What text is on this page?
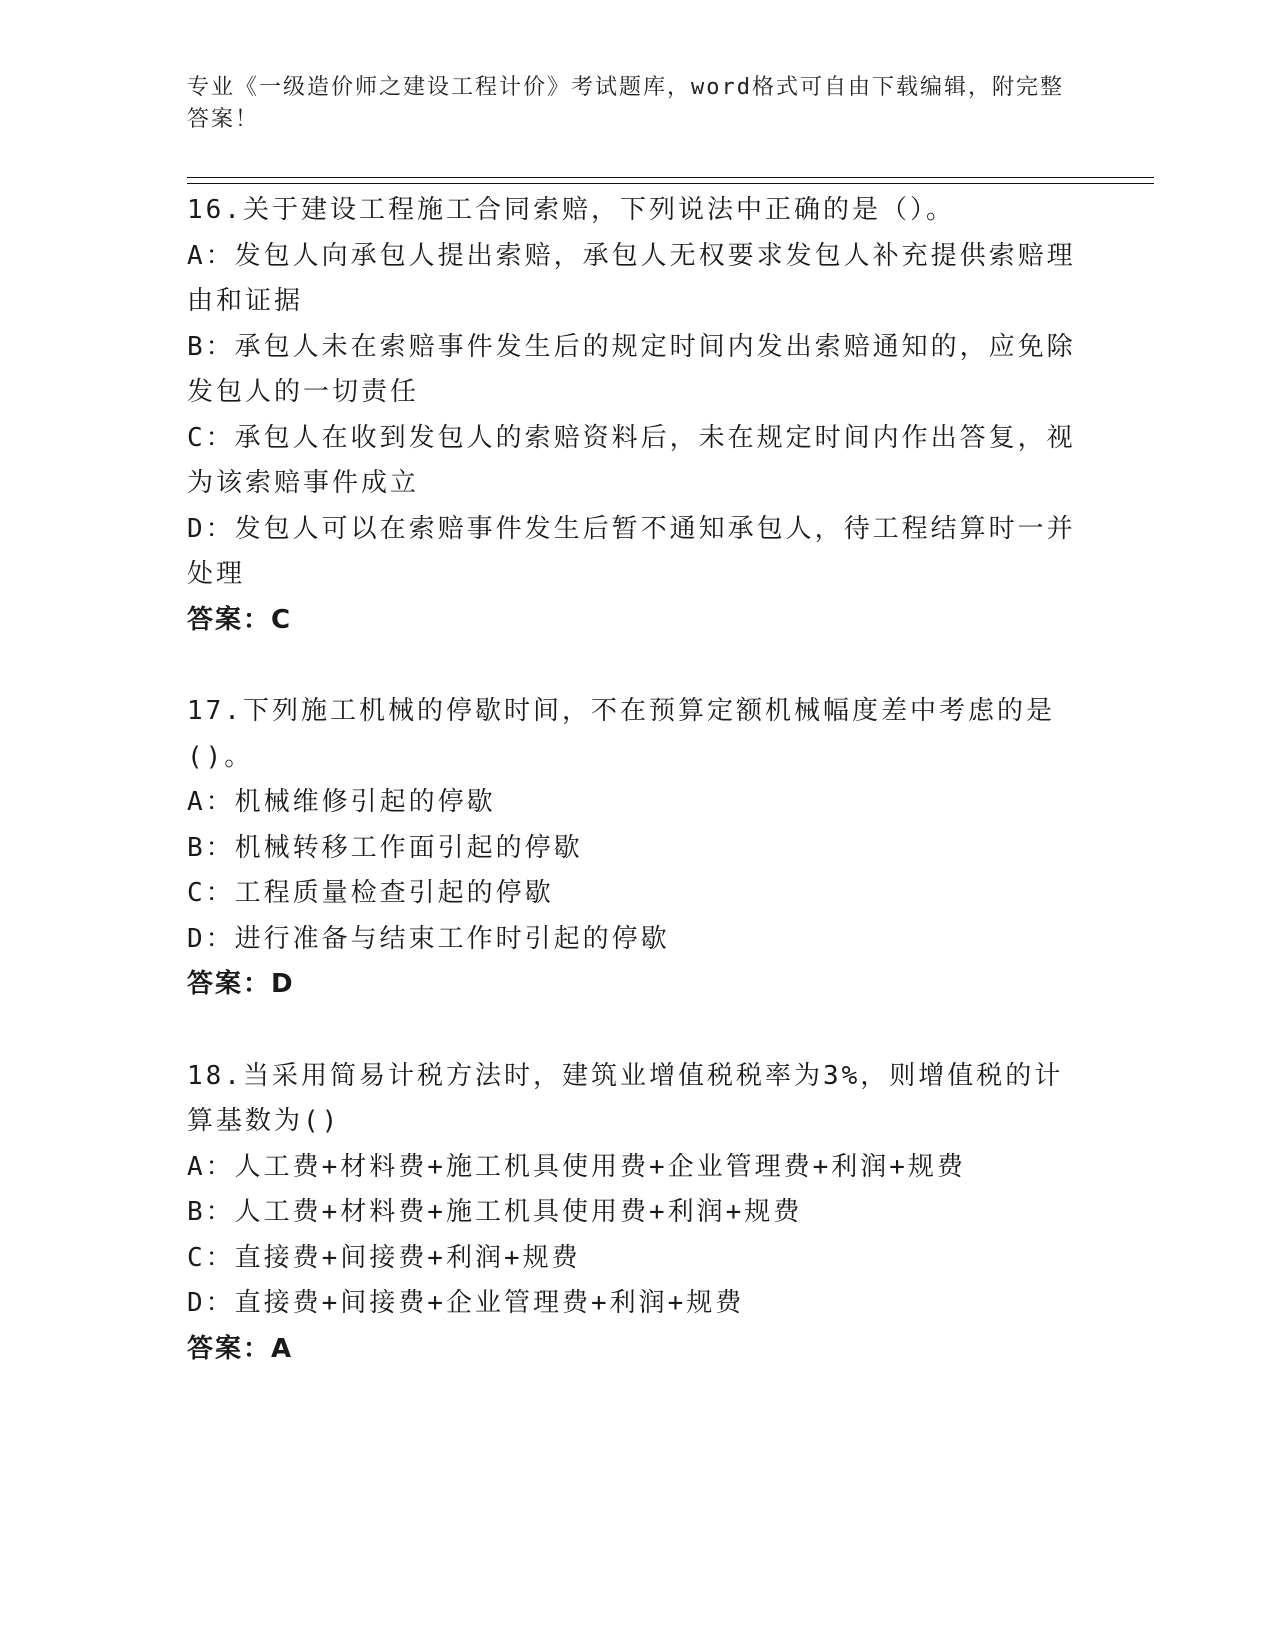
专业《一级造价师之建设工程计价》考试题库，word格式可自由下载编辑，附完整答案！

16.关于建设工程施工合同索赔，下列说法中正确的是（）。

A：发包人向承包人提出索赔，承包人无权要求发包人补充提供索赔理由和证据

B：承包人未在索赔事件发生后的规定时间内发出索赔通知的，应免除发包人的一切责任

C：承包人在收到发包人的索赔资料后，未在规定时间内作出答复，视为该索赔事件成立

D：发包人可以在索赔事件发生后暂不通知承包人，待工程结算时一并处理

答案：C

17.下列施工机械的停歇时间，不在预算定额机械幅度差中考虑的是()。

A：机械维修引起的停歇

B：机械转移工作面引起的停歇

C：工程质量检查引起的停歇

D：进行准备与结束工作时引起的停歇

答案：D

18.当采用简易计税方法时，建筑业增值税税率为3%，则增值税的计算基数为()

A：人工费+材料费+施工机具使用费+企业管理费+利润+规费

B：人工费+材料费+施工机具使用费+利润+规费

C：直接费+间接费+利润+规费

D：直接费+间接费+企业管理费+利润+规费

答案：A
